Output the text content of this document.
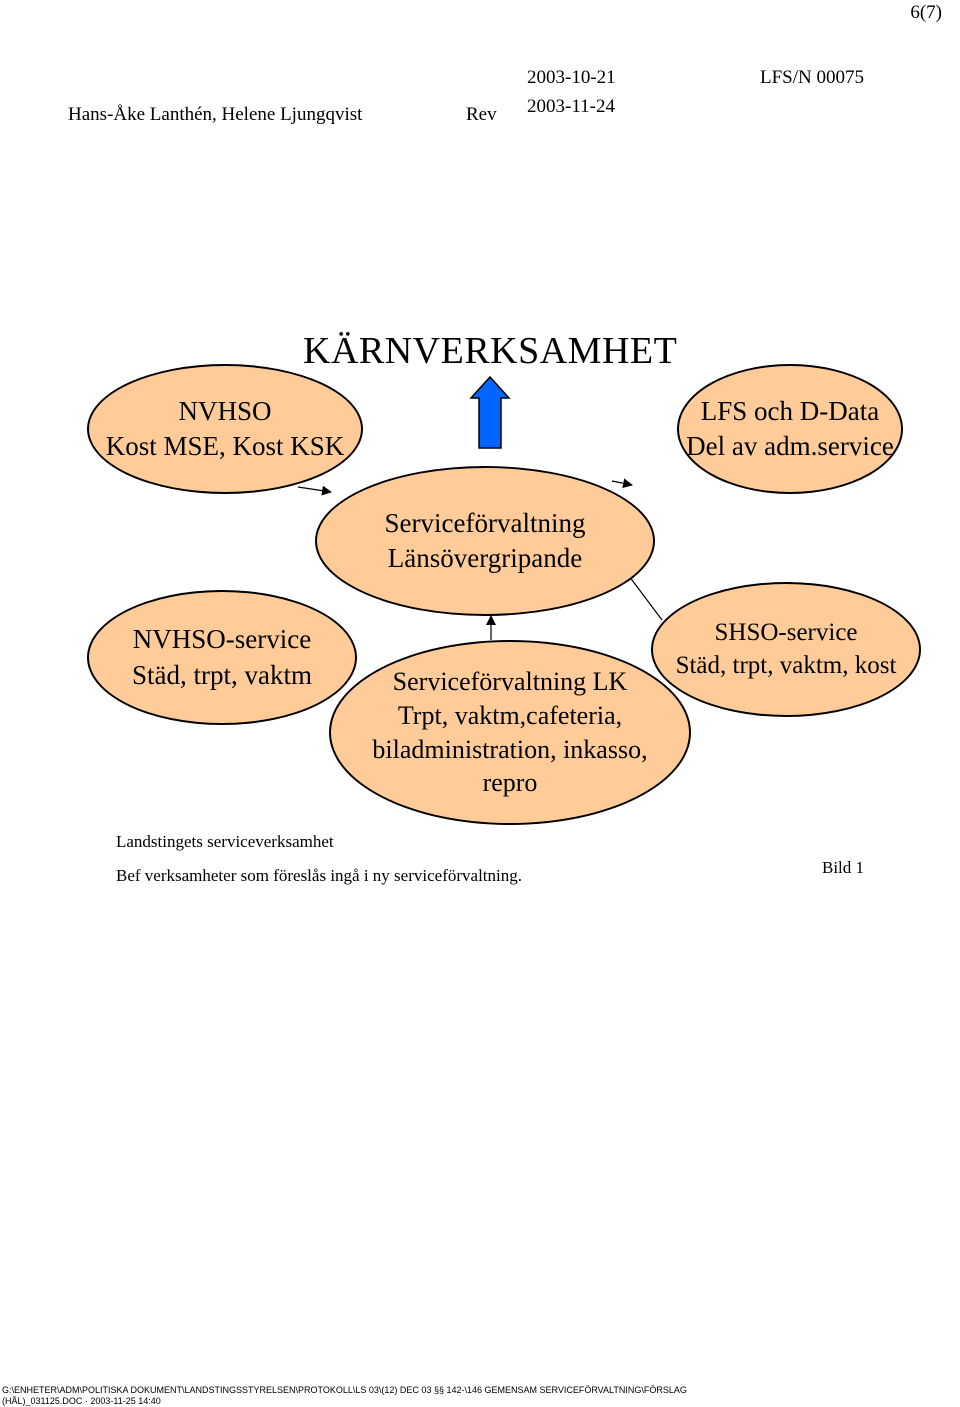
6(7)
2003-10-21	LFS/N 00075
Hans-Åke Lanthén, Helene Ljungqvist	Rev 2003-11-24
KÄRNVERKSAMHET
NVHSO
Kost MSE, Kost KSK
LFS och D-Data
Del av adm.service
Serviceförvaltning
Länsövergripande
NVHSO-service
Städ, trpt, vaktm	Serviceförvaltning LK
Trpt, vaktm,cafeteria,
biladministration, inkasso,
repro
SHSO-service
Städ, trpt, vaktm, kost
Landstingets serviceverksamhet
Bef verksamheter som föreslås ingå i ny serviceförvaltning.	Bild 1
G:\ENHETER\ADM\POLITISKA DOKUMENT\LANDSTINGSSTYRELSEN\PROTOKOLL\LS 03\(12) DEC 03 §§ 142-\146 GEMENSAM SERVICEFÖRVALTNING\FÖRSLAG
(HÅL)_031125.DOC · 2003-11-25 14:40
